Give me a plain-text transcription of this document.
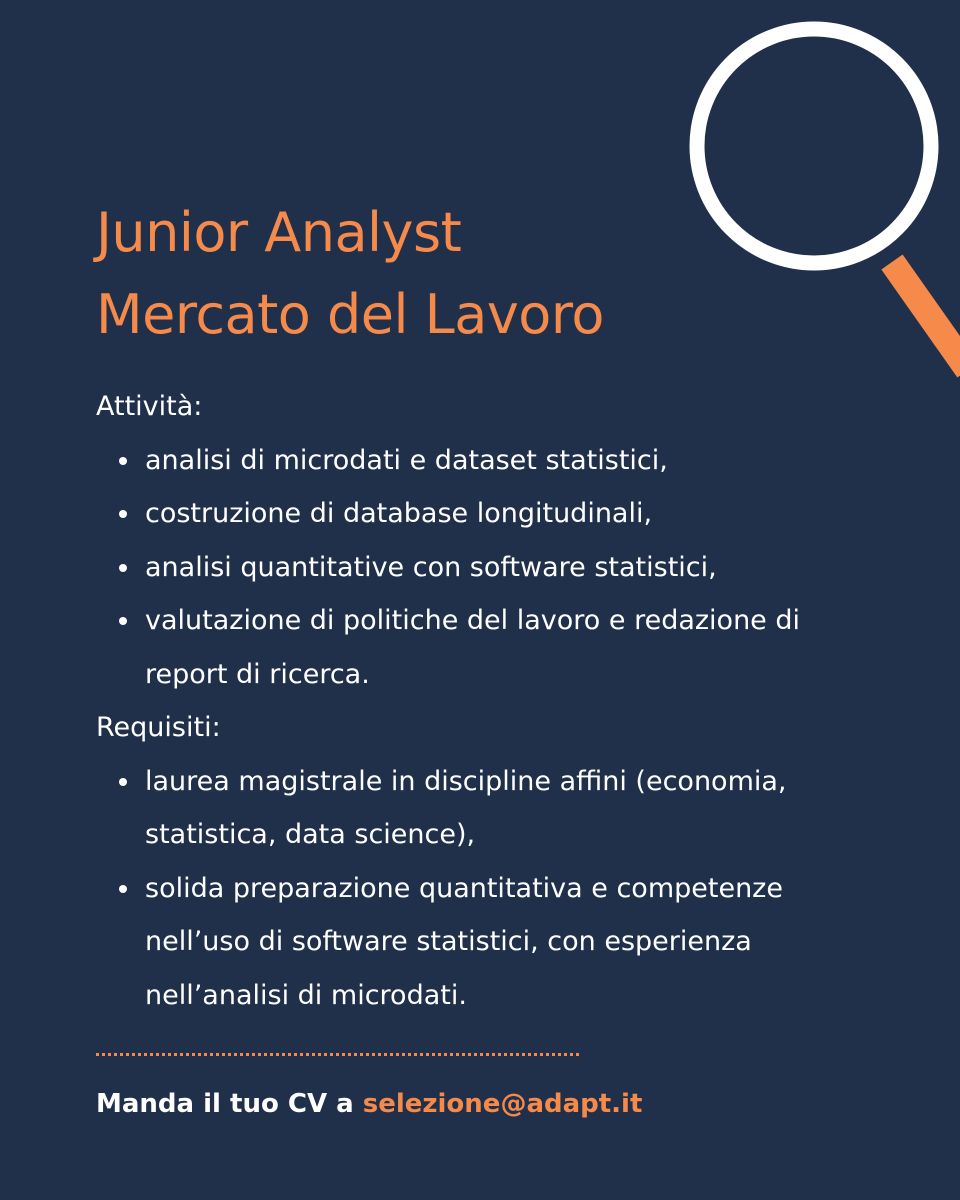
Junior Analyst
Mercato del Lavoro

Attività:

analisi di microdati e dataset statistici,
costruzione di database longitudinali,
analisi quantitative con software statistici,
valutazione di politiche del lavoro e redazione di report di ricerca.

Requisiti:

laurea magistrale in discipline affini (economia, statistica, data science),
solida preparazione quantitativa e competenze nell’uso di software statistici, con esperienza nell’analisi di microdati.

Manda il tuo CV a selezione@adapt.it
